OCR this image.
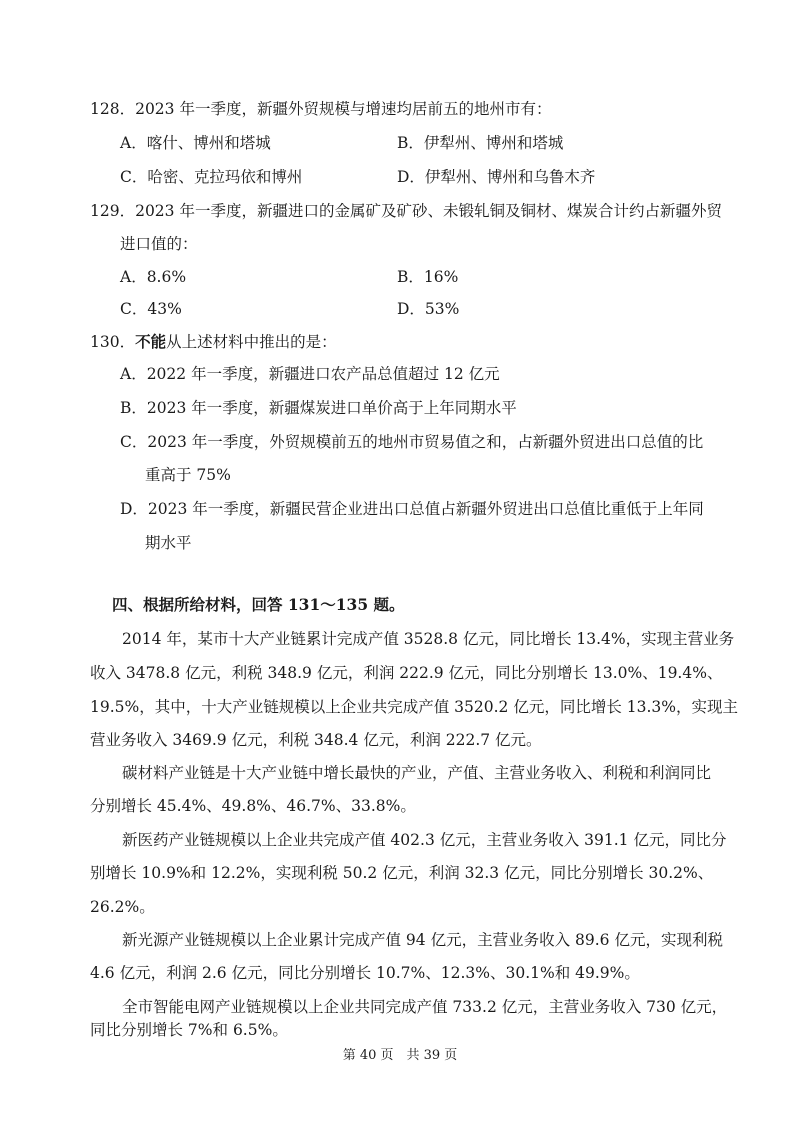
128．2023 年一季度，新疆外贸规模与增速均居前五的地州市有：
A．喀什、博州和塔城	B．伊犁州、博州和塔城
C．哈密、克拉玛依和博州	D．伊犁州、博州和乌鲁木齐
129．2023 年一季度，新疆进口的金属矿及矿砂、未锻轧铜及铜材、煤炭合计约占新疆外贸
进口值的：
A．8.6%	B．16%
C．43%	D．53%
130．不能从上述材料中推出的是：
A．2022 年一季度，新疆进口农产品总值超过 12 亿元
B．2023 年一季度，新疆煤炭进口单价高于上年同期水平
C．2023 年一季度，外贸规模前五的地州市贸易值之和，占新疆外贸进出口总值的比
重高于 75%
D．2023 年一季度，新疆民营企业进出口总值占新疆外贸进出口总值比重低于上年同
期水平
四、根据所给材料，回答 131～135 题。
2014 年，某市十大产业链累计完成产值 3528.8 亿元，同比增长 13.4%，实现主营业务
收入 3478.8 亿元，利税 348.9 亿元，利润 222.9 亿元，同比分别增长 13.0%、19.4%、
19.5%，其中，十大产业链规模以上企业共完成产值 3520.2 亿元，同比增长 13.3%，实现主
营业务收入 3469.9 亿元，利税 348.4 亿元，利润 222.7 亿元。
碳材料产业链是十大产业链中增长最快的产业，产值、主营业务收入、利税和利润同比
分别增长 45.4%、49.8%、46.7%、33.8%。
新医药产业链规模以上企业共完成产值 402.3 亿元，主营业务收入 391.1 亿元，同比分
别增长 10.9%和 12.2%，实现利税 50.2 亿元，利润 32.3 亿元，同比分别增长 30.2%、
26.2%。
新光源产业链规模以上企业累计完成产值 94 亿元，主营业务收入 89.6 亿元，实现利税
4.6 亿元，利润 2.6 亿元，同比分别增长 10.7%、12.3%、30.1%和 49.9%。
全市智能电网产业链规模以上企业共同完成产值 733.2 亿元，主营业务收入 730 亿元，
同比分别增长 7%和 6.5%。
第 40 页　共 39 页
